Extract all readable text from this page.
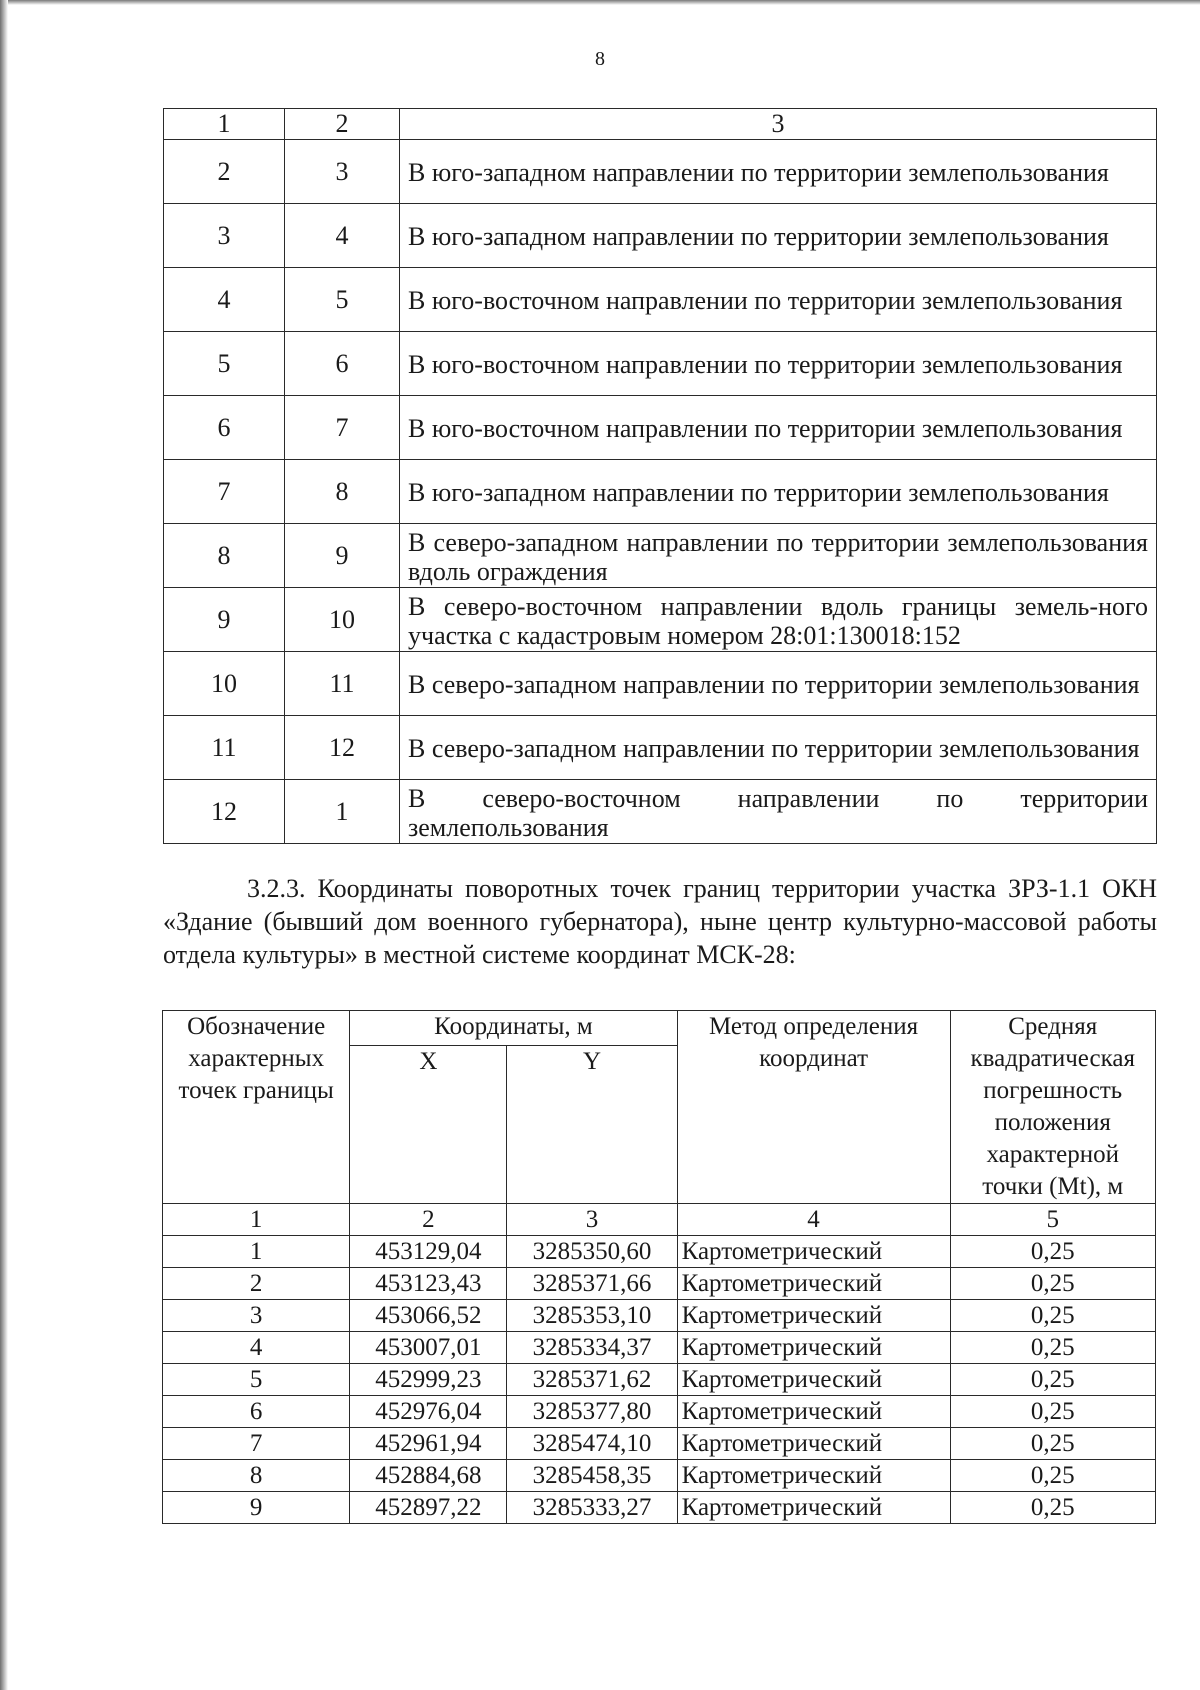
8
1	2	3
2	3	В юго-западном направлении по территории землепользования
3	4	В юго-западном направлении по территории землепользования
4	5	В юго-восточном направлении по территории землепользования
5	6	В юго-восточном направлении по территории землепользования
6	7	В юго-восточном направлении по территории землепользования
7	8	В юго-западном направлении по территории землепользования
8	9	В северо-западном направлении по территории землепользования вдоль ограждения
9	10	В северо-восточном направлении вдоль границы земель-ного участка с кадастровым номером 28:01:130018:152
10	11	В северо-западном направлении по территории землепользования
11	12	В северо-западном направлении по территории землепользования
12	1	В северо-восточном направлении по территории землепользования

3.2.3. Координаты поворотных точек границ территории участка ЗРЗ-1.1 ОКН «Здание (бывший дом военного губернатора), ныне центр культурно-массовой работы отдела культуры» в местной системе координат МСК-28:

Обозначение характерных точек границы	Координаты, м		Метод определения координат	Средняя квадратическая погрешность положения характерной точки (Mt), м
	X	Y		
1	2	3	4	5
1	453129,04	3285350,60	Картометрический	0,25
2	453123,43	3285371,66	Картометрический	0,25
3	453066,52	3285353,10	Картометрический	0,25
4	453007,01	3285334,37	Картометрический	0,25
5	452999,23	3285371,62	Картометрический	0,25
6	452976,04	3285377,80	Картометрический	0,25
7	452961,94	3285474,10	Картометрический	0,25
8	452884,68	3285458,35	Картометрический	0,25
9	452897,22	3285333,27	Картометрический	0,25
